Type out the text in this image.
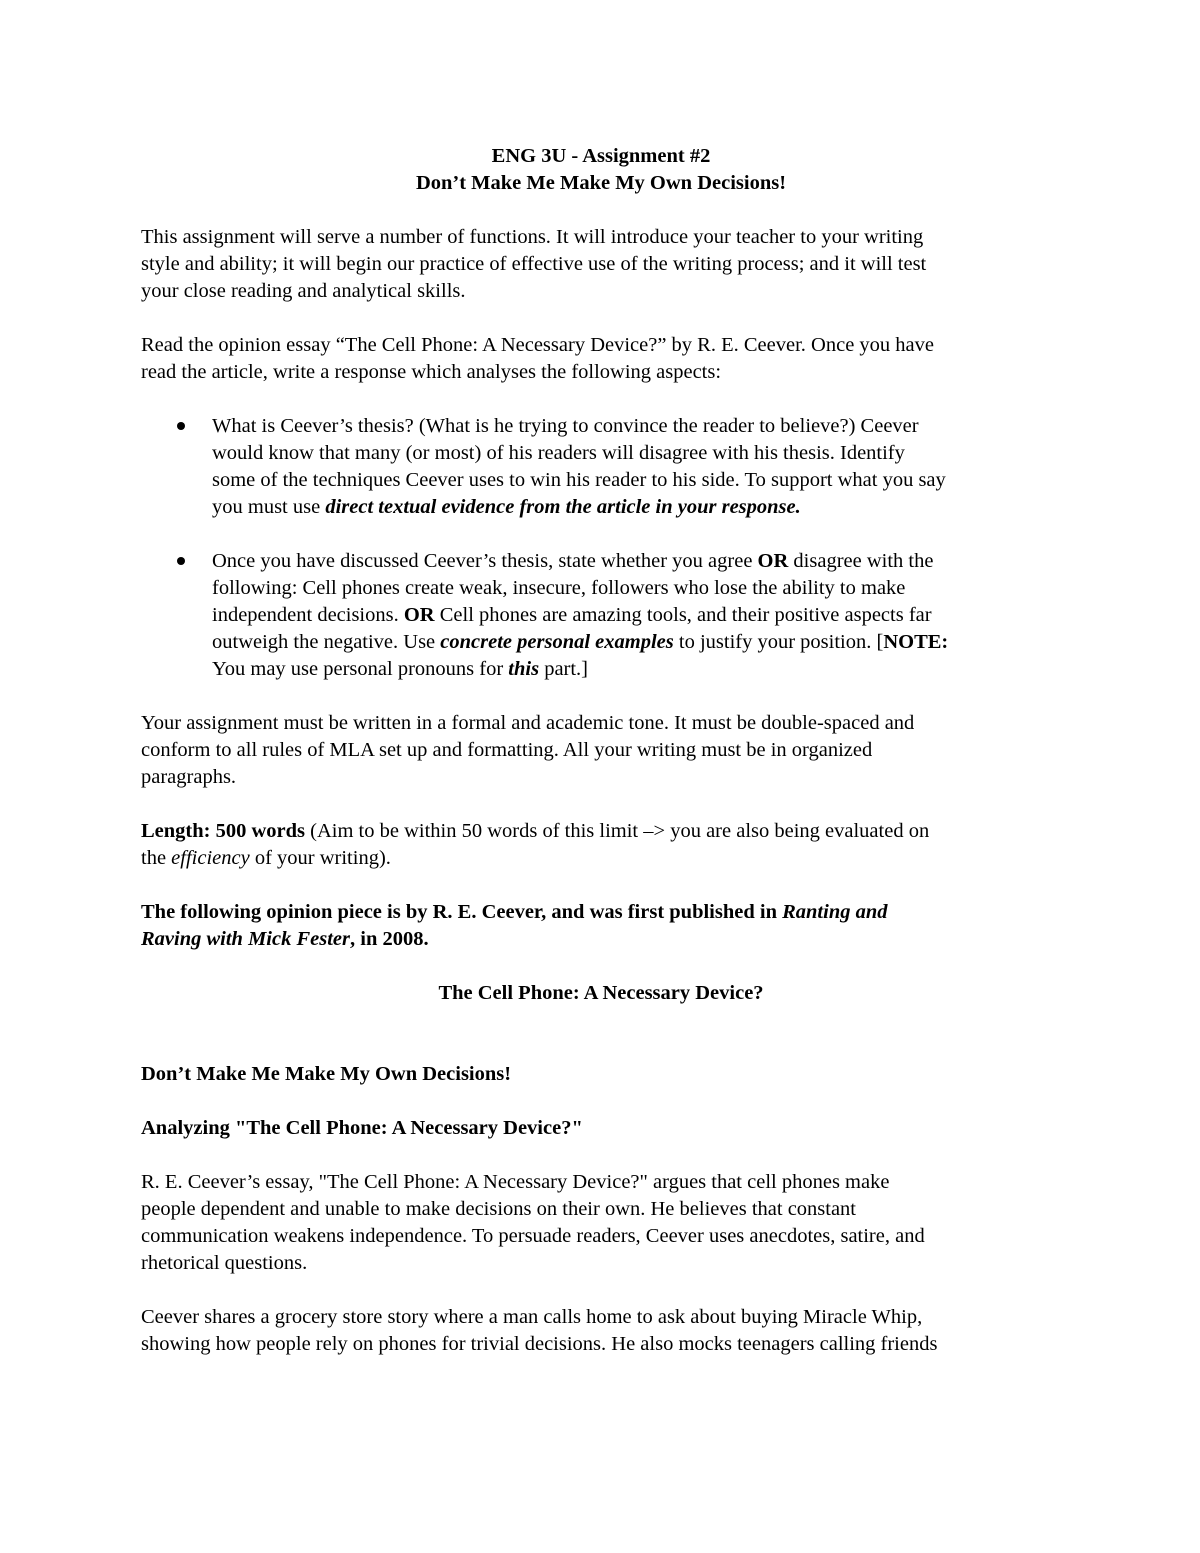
ENG 3U - Assignment #2

Don’t Make Me Make My Own Decisions!

This assignment will serve a number of functions. It will introduce your teacher to your writing

style and ability; it will begin our practice of effective use of the writing process; and it will test

your close reading and analytical skills.

Read the opinion essay “The Cell Phone: A Necessary Device?” by R. E. Ceever. Once you have

read the article, write a response which analyses the following aspects:

What is Ceever’s thesis? (What is he trying to convince the reader to believe?) Ceever

would know that many (or most) of his readers will disagree with his thesis. Identify

some of the techniques Ceever uses to win his reader to his side. To support what you say

you must use direct textual evidence from the article in your response.

Once you have discussed Ceever’s thesis, state whether you agree OR disagree with the

following: Cell phones create weak, insecure, followers who lose the ability to make

independent decisions. OR Cell phones are amazing tools, and their positive aspects far

outweigh the negative. Use concrete personal examples to justify your position. [NOTE:

You may use personal pronouns for this part.]

Your assignment must be written in a formal and academic tone. It must be double-spaced and

conform to all rules of MLA set up and formatting. All your writing must be in organized

paragraphs.

Length: 500 words (Aim to be within 50 words of this limit –> you are also being evaluated on

the efficiency of your writing).

The following opinion piece is by R. E. Ceever, and was first published in Ranting and

Raving with Mick Fester, in 2008.

The Cell Phone: A Necessary Device?

Don’t Make Me Make My Own Decisions!

Analyzing "The Cell Phone: A Necessary Device?"

R. E. Ceever’s essay, "The Cell Phone: A Necessary Device?" argues that cell phones make

people dependent and unable to make decisions on their own. He believes that constant

communication weakens independence. To persuade readers, Ceever uses anecdotes, satire, and

rhetorical questions.

Ceever shares a grocery store story where a man calls home to ask about buying Miracle Whip,

showing how people rely on phones for trivial decisions. He also mocks teenagers calling friends
